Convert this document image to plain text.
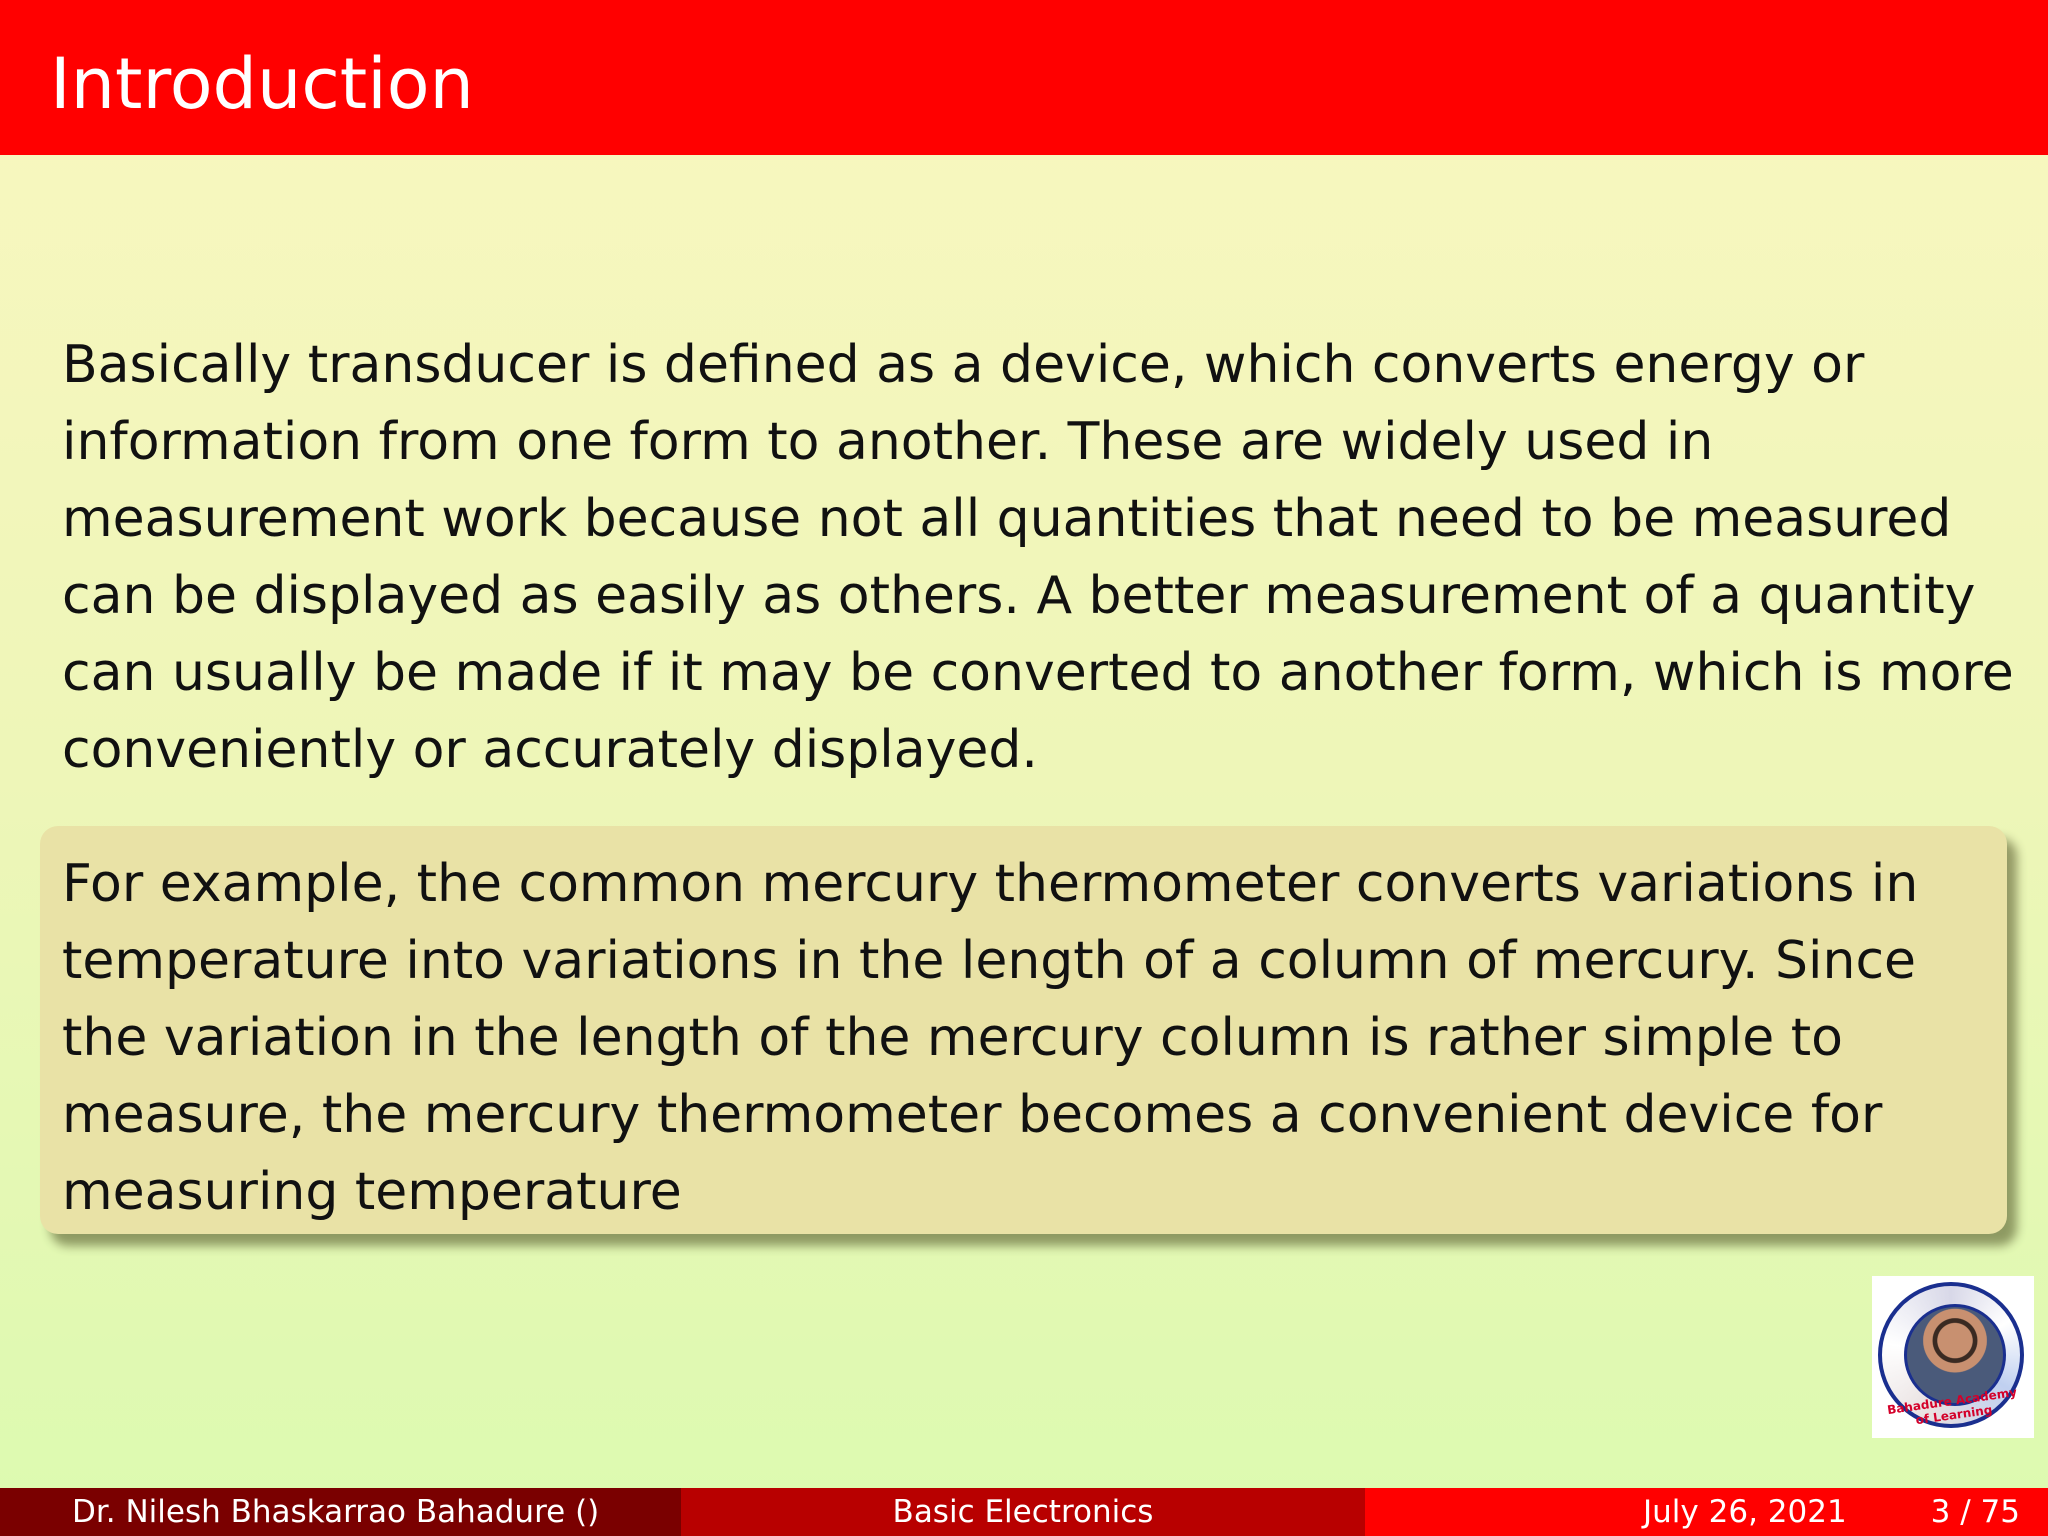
Introduction
Basically transducer is defined as a device, which converts energy or
information from one form to another. These are widely used in
measurement work because not all quantities that need to be measured
can be displayed as easily as others. A better measurement of a quantity
can usually be made if it may be converted to another form, which is more
conveniently or accurately displayed.
For example, the common mercury thermometer converts variations in
temperature into variations in the length of a column of mercury. Since
the variation in the length of the mercury column is rather simple to
measure, the mercury thermometer becomes a convenient device for
measuring temperature
Bahadure Academy of Learning
Dr. Nilesh Bhaskarrao Bahadure ()	Basic Electronics	July 26, 2021	3 / 75
